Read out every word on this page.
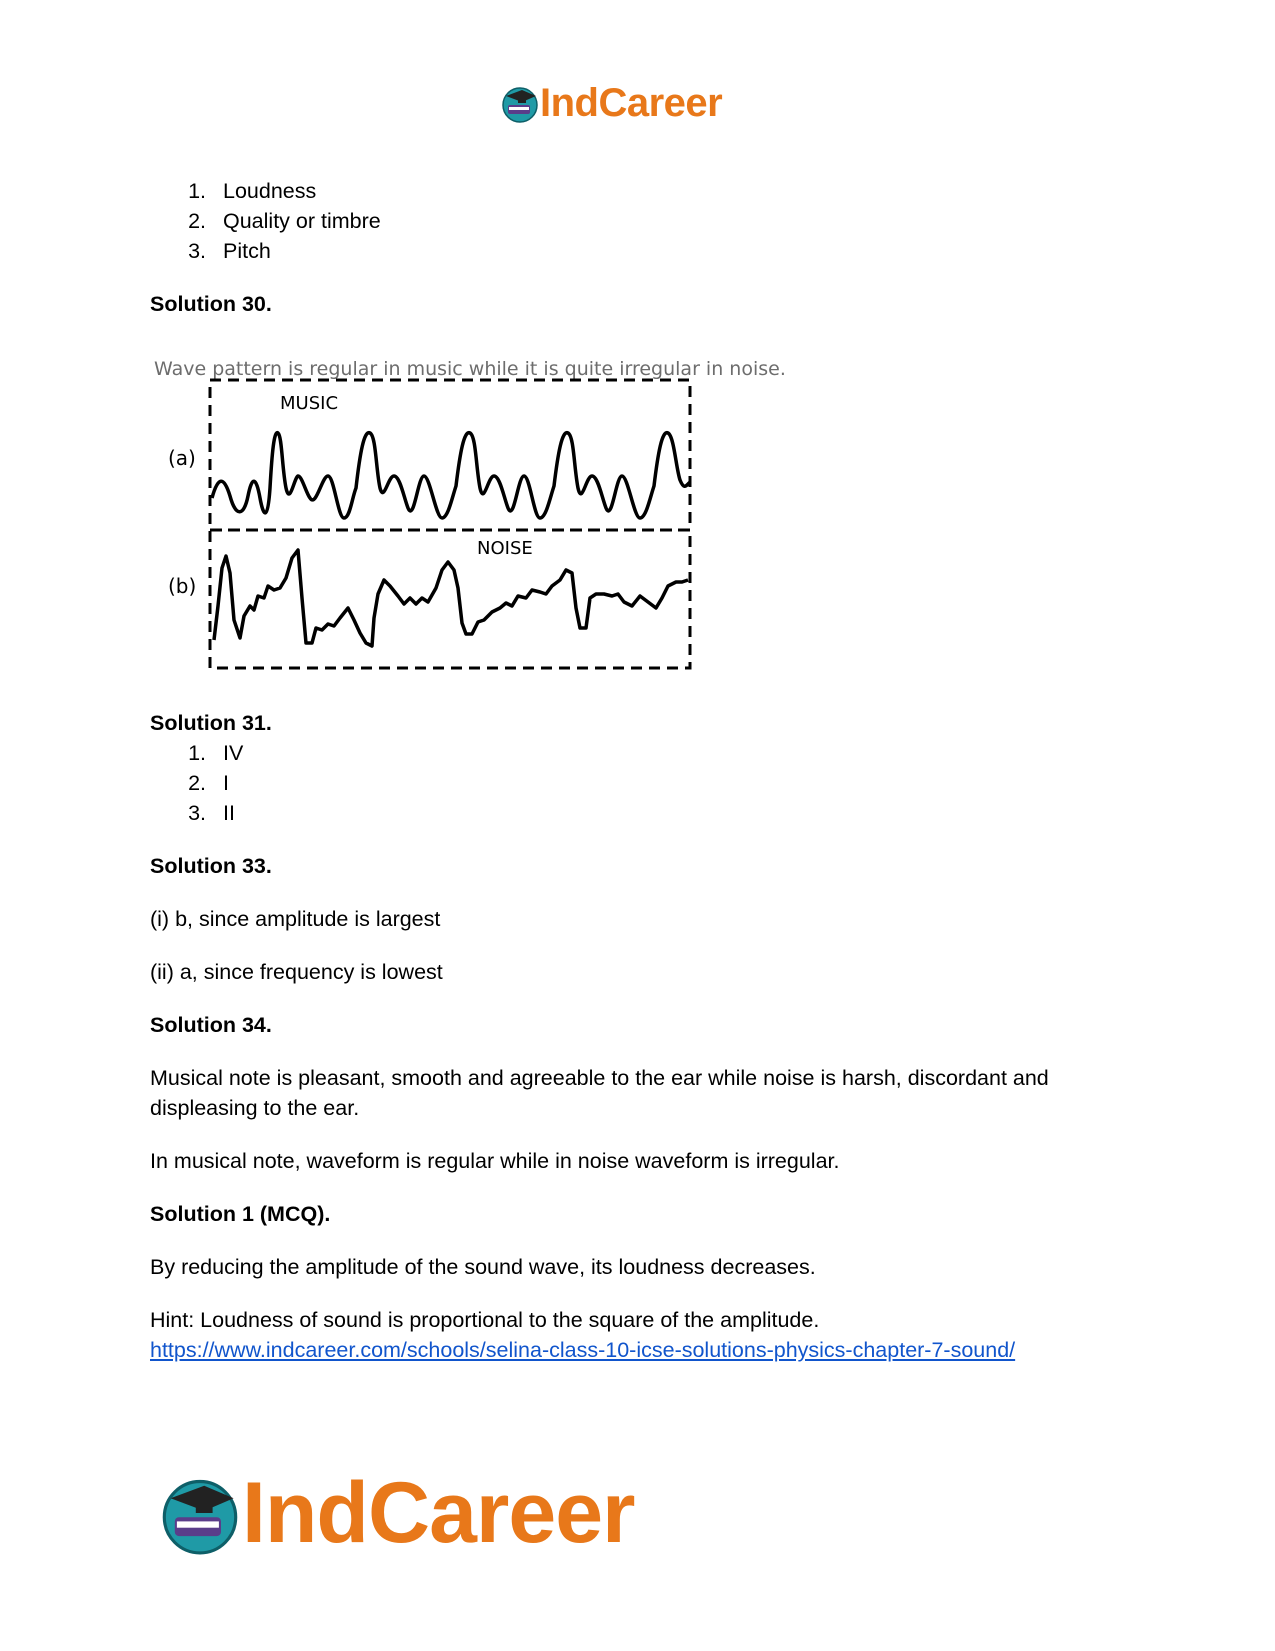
IndCareer
1. Loudness
2. Quality or timbre
3. Pitch

Solution 30.

Wave pattern is regular in music while it is quite irregular in noise.
MUSIC
NOISE
(a)
(b)

Solution 31.

1. IV
2. I
3. II

Solution 33.

(i) b, since amplitude is largest

(ii) a, since frequency is lowest

Solution 34.

Musical note is pleasant, smooth and agreeable to the ear while noise is harsh, discordant and displeasing to the ear.

In musical note, waveform is regular while in noise waveform is irregular.

Solution 1 (MCQ).

By reducing the amplitude of the sound wave, its loudness decreases.

Hint: Loudness of sound is proportional to the square of the amplitude.

https://www.indcareer.com/schools/selina-class-10-icse-solutions-physics-chapter-7-sound/

IndCareer
